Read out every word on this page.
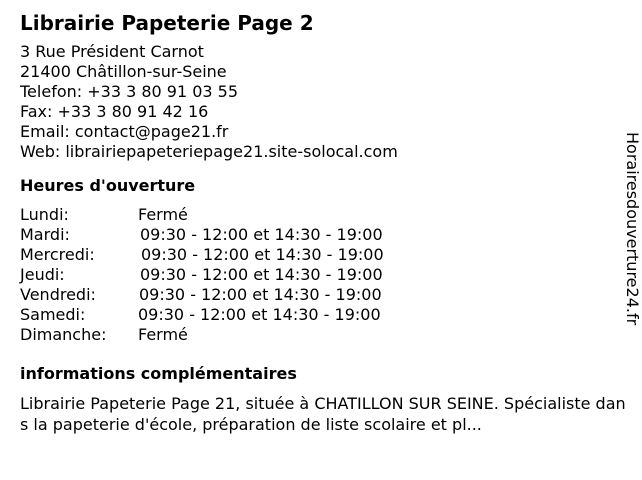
Librairie Papeterie Page 2
3 Rue Président Carnot
21400 Châtillon-sur-Seine
Telefon: +33 3 80 91 03 55
Fax: +33 3 80 91 42 16
Email: contact@page21.fr
Web: librairiepapeteriepage21.site-solocal.com
Heures d'ouverture
Lundi:	Fermé
Mardi:	09:30 - 12:00 et 14:30 - 19:00
Mercredi:	09:30 - 12:00 et 14:30 - 19:00
Jeudi:	09:30 - 12:00 et 14:30 - 19:00
Vendredi:	09:30 - 12:00 et 14:30 - 19:00
Samedi:	09:30 - 12:00 et 14:30 - 19:00
Dimanche:	Fermé
informations complémentaires
Librairie Papeterie Page 21, située à CHATILLON SUR SEINE. Spécialiste dans la papeterie d'école, préparation de liste scolaire et pl...
Horairesdouverture24.fr
